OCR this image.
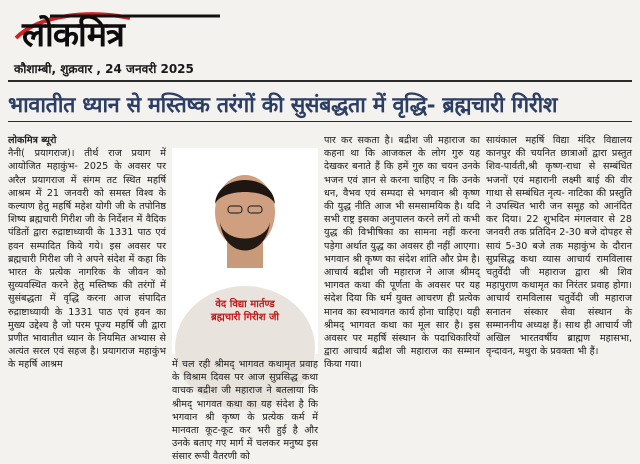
लोकमित्र
कौशाम्बी, शुक्रवार , 24 जनवरी 2025
भावातीत ध्यान से मस्तिष्क तरंगों की सुसंबद्धता में वृद्धि- ब्रह्मचारी गिरीश
लोकमित्र ब्यूरो
नैनी( प्रयागराज)। तीर्थ राज प्रयाग में आयोजित महाकुंभ- 2025 के अवसर पर अरैल प्रयागराज में संगम तट स्थित महर्षि आश्रम में 21 जनवरी को समस्त विश्व के कल्याण हेतु महर्षि महेश योगी जी के तपोनिष्ठ शिष्य ब्रह्मचारी गिरीश जी के निर्देशन में वैदिक पंडितों द्वारा रुद्राष्टाध्यायी के 1331 पाठ एवं हवन सम्पादित किये गये। इस अवसर पर ब्रह्मचारी गिरीश जी ने अपने संदेश में कहा कि भारत के प्रत्येक नागरिक के जीवन को सुव्यवस्थित करने हेतु मस्तिष्क की तरंगों में सुसंबद्धता में वृद्धि करना आज संपादित रुद्राष्टाध्यायी के 1331 पाठ एवं हवन का मुख्य उद्देश्य है जो परम पूज्य महर्षि जी द्वारा प्रणीत भावातीत ध्यान के नियमित अभ्यास से अत्यंत सरल एवं सहज है। प्रयागराज महाकुंभ के महर्षि आश्रम
वेद विद्या मार्तण्ड
ब्रह्मचारी गिरीश जी
में चल रही श्रीमद् भागवत कथामृत प्रवाह के विश्राम दिवस पर आज सुप्रसिद्ध कथा वाचक बद्रीश जी महाराज ने बतलाया कि श्रीमद् भागवत कथा का यह संदेश है कि भगवान श्री कृष्ण के प्रत्येक कर्म में मानवता कूट-कूट कर भरी हुई है और उनके बताए गए मार्ग में चलकर मनुष्य इस संसार रूपी वैतरणी को
पार कर सकता है। बद्रीश जी महाराज का कहना था कि आजकल के लोग गुरु यह देखकर बनाते हैं कि हमें गुरु का चयन उनके भजन एवं ज्ञान से करना चाहिए न कि उनके धन, वैभव एवं सम्पदा से भगवान श्री कृष्ण की युद्ध नीति आज भी समसामयिक है। यदि सभी राष्ट्र इसका अनुपालन करने लगें तो कभी युद्ध की विभीषिका का सामना नहीं करना पड़ेगा अर्थात युद्ध का अवसर ही नहीं आएगा। भगवान श्री कृष्ण का संदेश शांति और प्रेम है। आचार्य बद्रीश जी महाराज ने आज श्रीमद् भागवत कथा की पूर्णता के अवसर पर यह संदेश दिया कि धर्म युक्त आचरण ही प्रत्येक मानव का स्वभावगत कार्य होना चाहिए। यही श्रीमद् भागवत कथा का मूल सार है। इस अवसर पर महर्षि संस्थान के पदाधिकारियों द्वारा आचार्य बद्रीश जी महाराज का सम्मान किया गया।
सायंकाल महर्षि विद्या मंदिर विद्यालय कानपुर की चयनित छात्राओं द्वारा प्रस्तुत शिव-पार्वती,श्री कृष्ण-राधा से सम्बंधित भजनों एवं महारानी लक्ष्मी बाई की वीर गाथा से सम्बंधित नृत्य- नाटिका की प्रस्तुति ने उपस्थित भारी जन समूह को आनंदित कर दिया। 22 शुभदिन मंगलवार से 28 जनवरी तक प्रतिदिन 2-30 बजे दोपहर से सायं 5-30 बजे तक महाकुंभ के दौरान सुप्रसिद्ध कथा व्यास आचार्य रामविलास चतुर्वेदी जी महाराज द्वारा श्री शिव महापुराण कथामृत का निरंतर प्रवाह होगा। आचार्य रामविलास चतुर्वेदी जी महाराज सनातन संस्कार सेवा संस्थान के सम्माननीय अध्यक्ष हैं। साथ ही आचार्य जी अखिल भारतवर्षीय ब्राह्मण महासभा, वृन्दावन, मथुरा के प्रवक्ता भी हैं।
